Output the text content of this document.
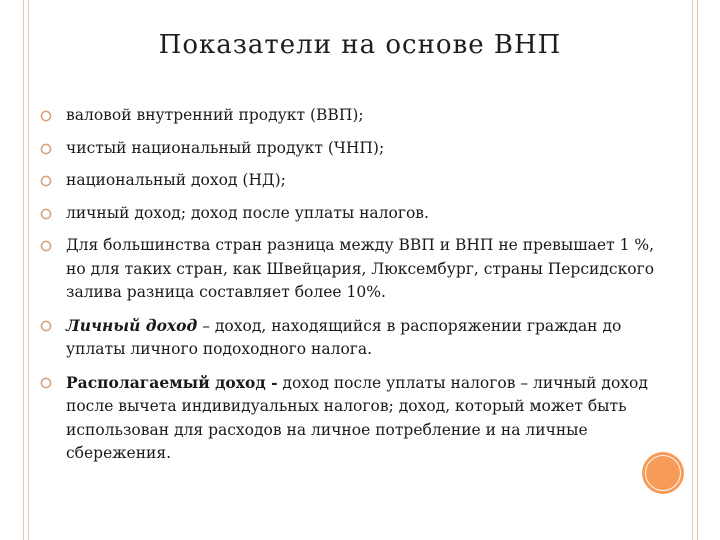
Показатели на основе ВНП
валовой внутренний продукт (ВВП);
чистый национальный продукт (ЧНП);
национальный доход (НД);
личный доход; доход после уплаты налогов.
Для большинства стран разница между ВВП и ВНП не превышает 1 %, но для таких стран, как Швейцария, Люксембург, страны Персидского залива разница составляет более 10%.
Личный доход – доход, находящийся в распоряжении граждан до уплаты личного подоходного налога.
Располагаемый доход - доход после уплаты налогов – личный доход после вычета индивидуальных налогов; доход, который может быть использован для расходов на личное потребление и на личные сбережения.
